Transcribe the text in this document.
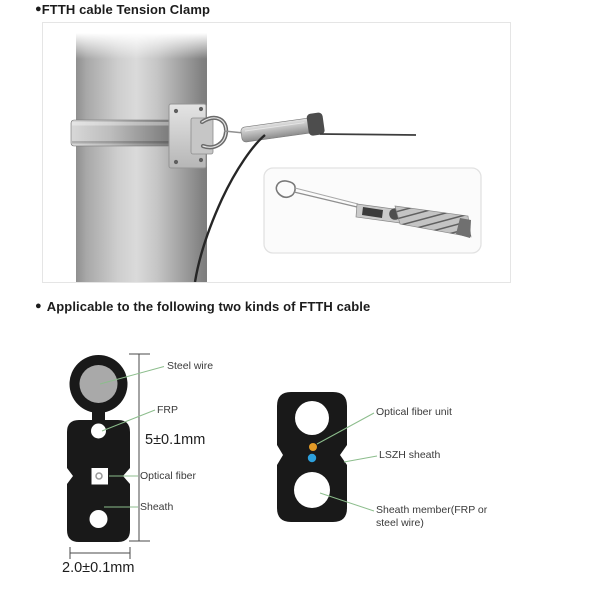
● FTTH cable Tension Clamp
● Applicable to the following two kinds of FTTH cable
Steel wire
FRP
5±0.1mm
Optical fiber
Sheath
2.0±0.1mm
Optical fiber unit
LSZH sheath
Sheath member(FRP or
steel wire)
